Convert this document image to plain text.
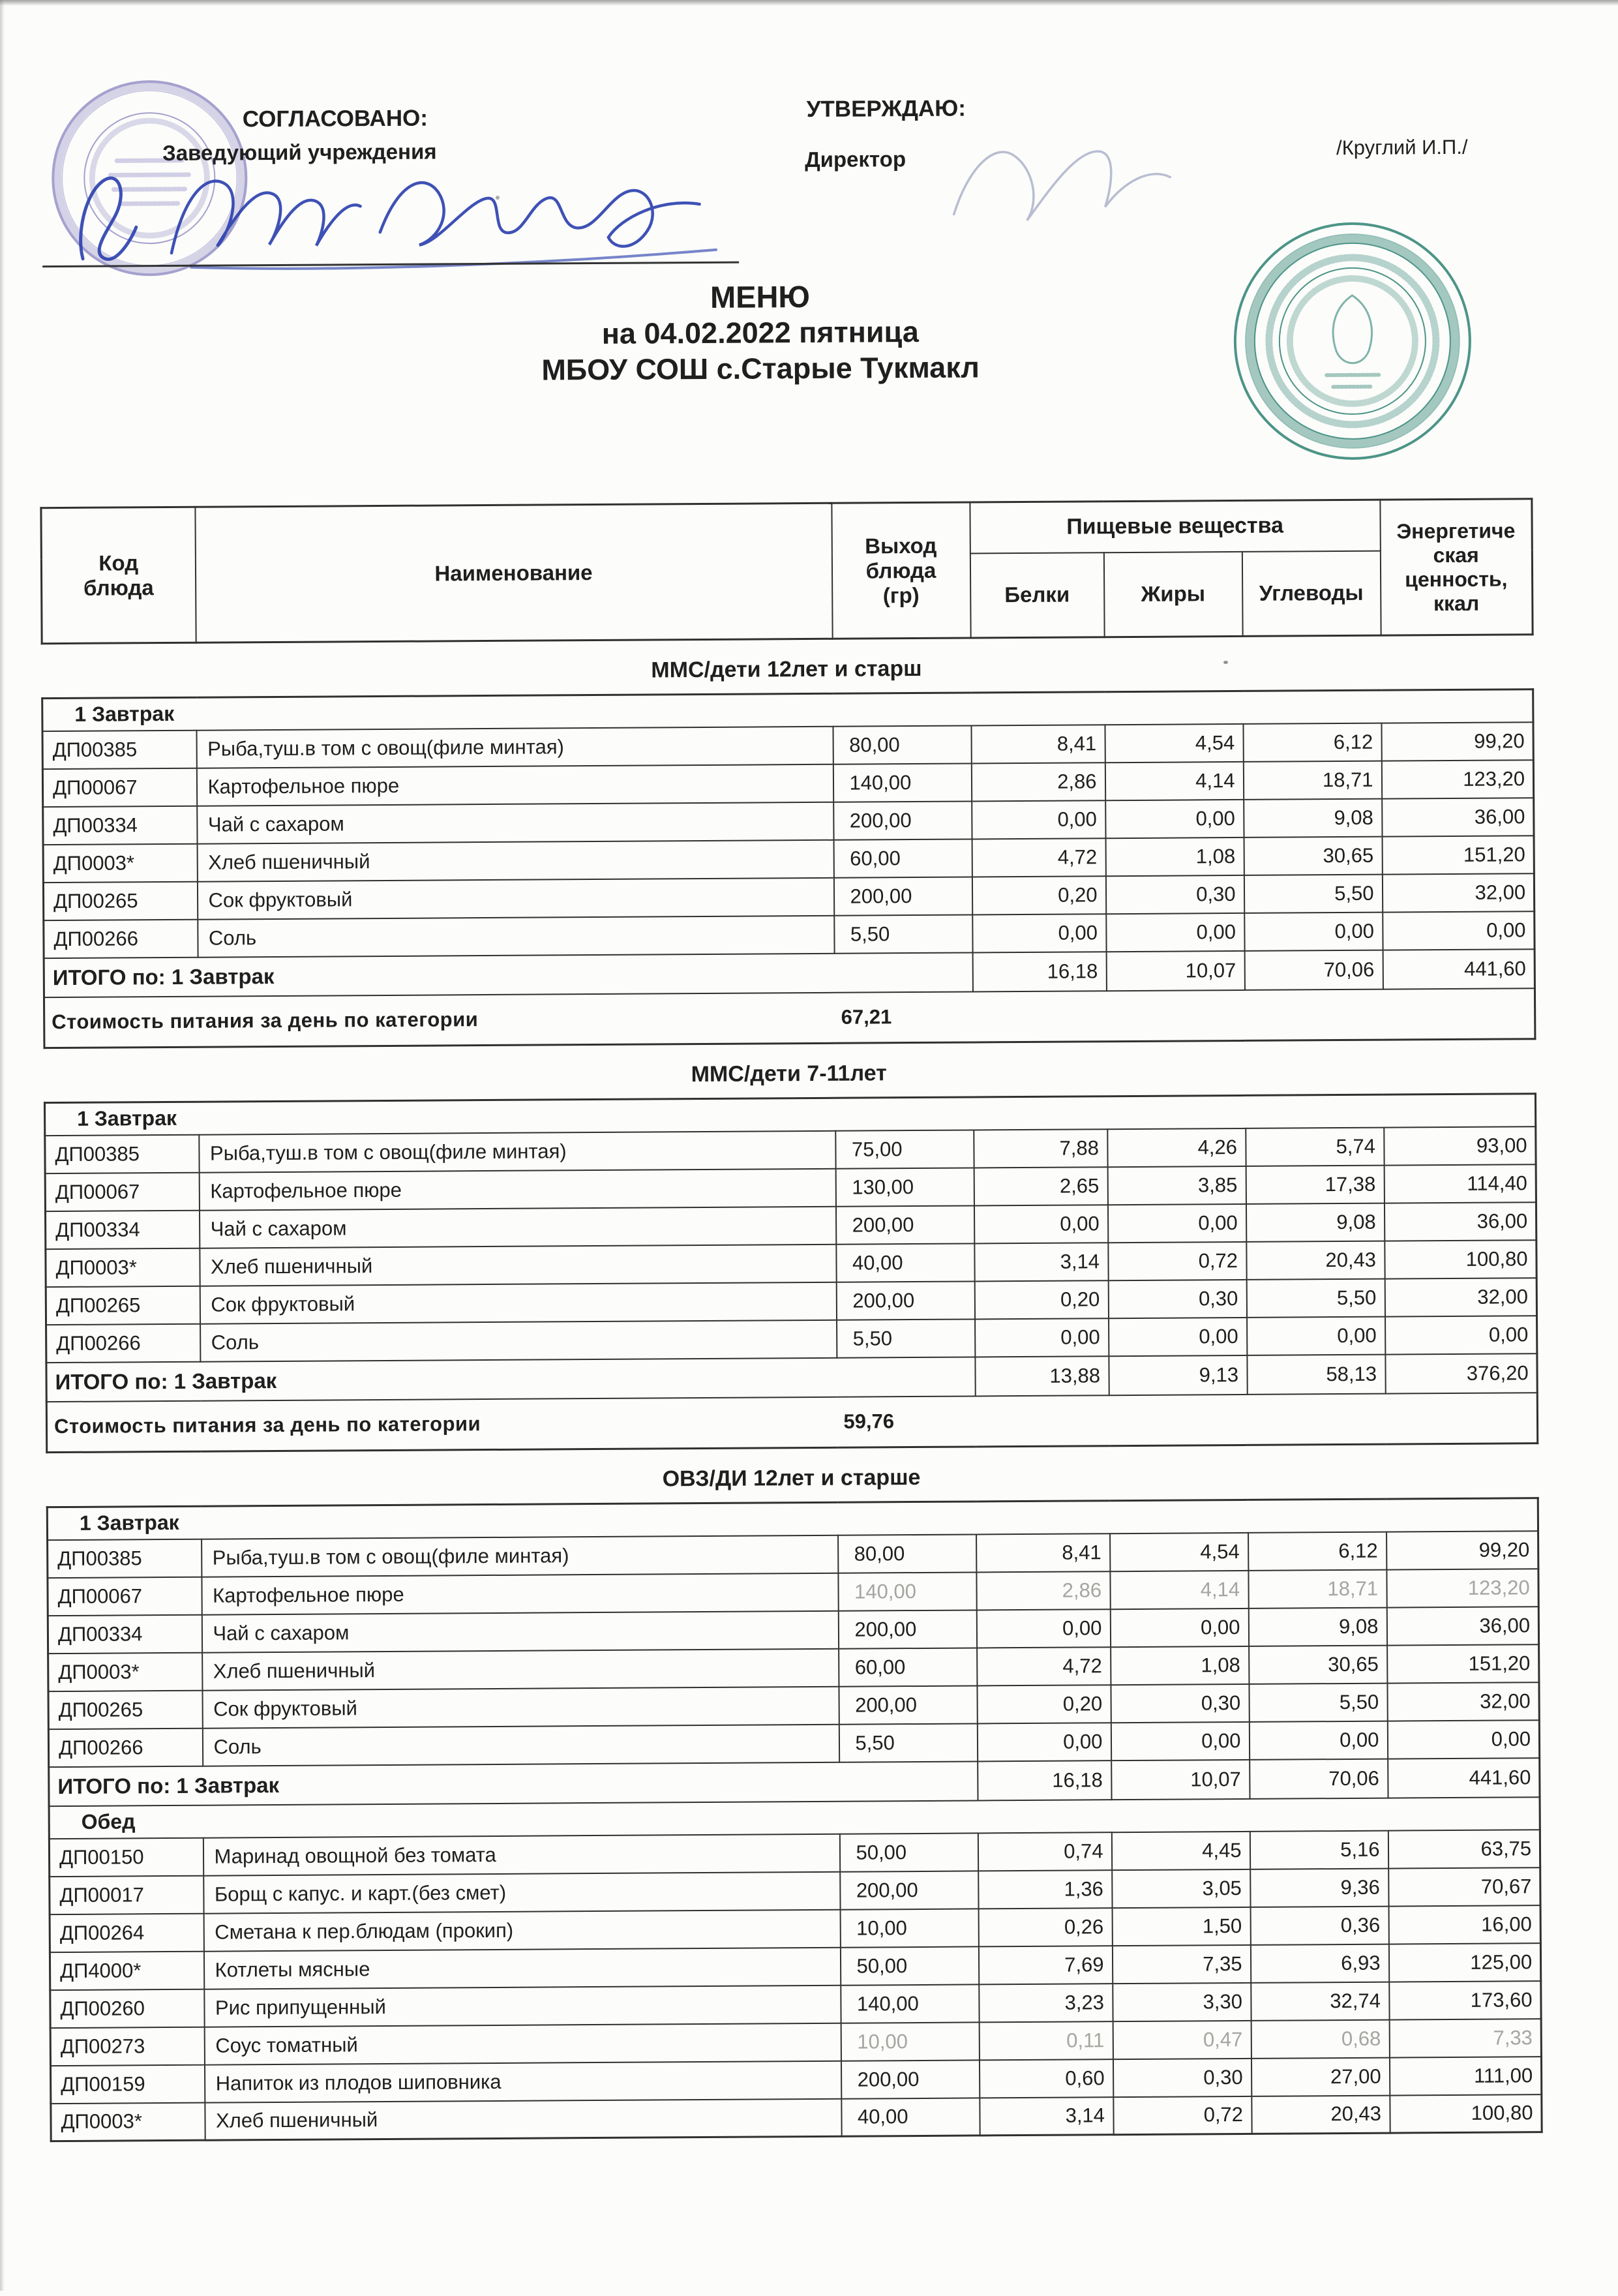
СОГЛАСОВАНО:
Заведующий учреждения
УТВЕРЖДАЮ:
Директор	/Круглий И.П./
МЕНЮ
на 04.02.2022 пятница
МБОУ СОШ с.Старые Тукмакл
Код блюда	Наименование	Выход блюда (гр)	Пищевые вещества			Энергетическая ценность, ккал
			Белки	Жиры	Углеводы	
ММС/дети 12лет и старш
1 Завтрак						
ДП00385	Рыба,туш.в том с овощ(филе минтая)	80,00	8,41	4,54	6,12	99,20
ДП00067	Картофельное пюре	140,00	2,86	4,14	18,71	123,20
ДП00334	Чай с сахаром	200,00	0,00	0,00	9,08	36,00
ДП0003*	Хлеб пшеничный	60,00	4,72	1,08	30,65	151,20
ДП00265	Сок фруктовый	200,00	0,20	0,30	5,50	32,00
ДП00266	Соль	5,50	0,00	0,00	0,00	0,00
ИТОГО по: 1 Завтрак			16,18	10,07	70,06	441,60
Стоимость питания за день по категории		67,21				
ММС/дети 7-11лет
1 Завтрак						
ДП00385	Рыба,туш.в том с овощ(филе минтая)	75,00	7,88	4,26	5,74	93,00
ДП00067	Картофельное пюре	130,00	2,65	3,85	17,38	114,40
ДП00334	Чай с сахаром	200,00	0,00	0,00	9,08	36,00
ДП0003*	Хлеб пшеничный	40,00	3,14	0,72	20,43	100,80
ДП00265	Сок фруктовый	200,00	0,20	0,30	5,50	32,00
ДП00266	Соль	5,50	0,00	0,00	0,00	0,00
ИТОГО по: 1 Завтрак			13,88	9,13	58,13	376,20
Стоимость питания за день по категории		59,76				
ОВЗ/ДИ 12лет и старше
1 Завтрак						
ДП00385	Рыба,туш.в том с овощ(филе минтая)	80,00	8,41	4,54	6,12	99,20
ДП00067	Картофельное пюре	140,00	2,86	4,14	18,71	123,20
ДП00334	Чай с сахаром	200,00	0,00	0,00	9,08	36,00
ДП0003*	Хлеб пшеничный	60,00	4,72	1,08	30,65	151,20
ДП00265	Сок фруктовый	200,00	0,20	0,30	5,50	32,00
ДП00266	Соль	5,50	0,00	0,00	0,00	0,00
ИТОГО по: 1 Завтрак			16,18	10,07	70,06	441,60
Обед						
ДП00150	Маринад овощной без томата	50,00	0,74	4,45	5,16	63,75
ДП00017	Борщ с капус. и карт.(без смет)	200,00	1,36	3,05	9,36	70,67
ДП00264	Сметана к пер.блюдам (прокип)	10,00	0,26	1,50	0,36	16,00
ДП4000*	Котлеты мясные	50,00	7,69	7,35	6,93	125,00
ДП00260	Рис припущенный	140,00	3,23	3,30	32,74	173,60
ДП00273	Соус томатный	10,00	0,11	0,47	0,68	7,33
ДП00159	Напиток из плодов шиповника	200,00	0,60	0,30	27,00	111,00
ДП0003*	Хлеб пшеничный	40,00	3,14	0,72	20,43	100,80
